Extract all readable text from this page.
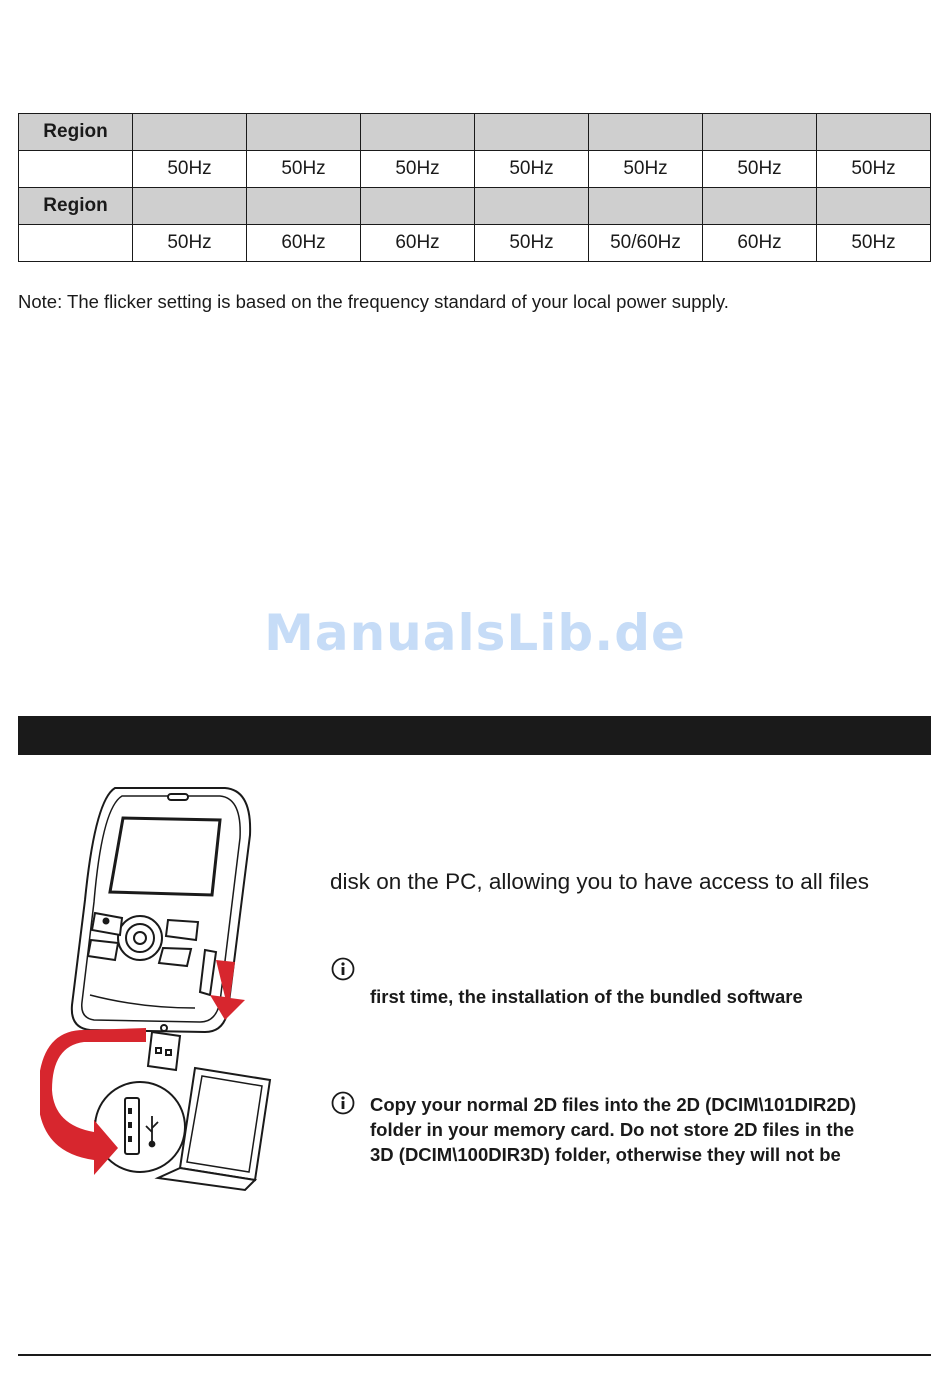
Region							
	50Hz	50Hz	50Hz	50Hz	50Hz	50Hz	50Hz
Region							
	50Hz	60Hz	60Hz	50Hz	50/60Hz	60Hz	50Hz
Note: The flicker setting is based on the frequency standard of your local power supply.
ManualsLib.de
disk on the PC, allowing you to have access to all files
first time, the installation of the bundled software
Copy your normal 2D files into the 2D (DCIM\101DIR2D)
folder in your memory card. Do not store 2D files in the
3D (DCIM\100DIR3D) folder, otherwise they will not be
